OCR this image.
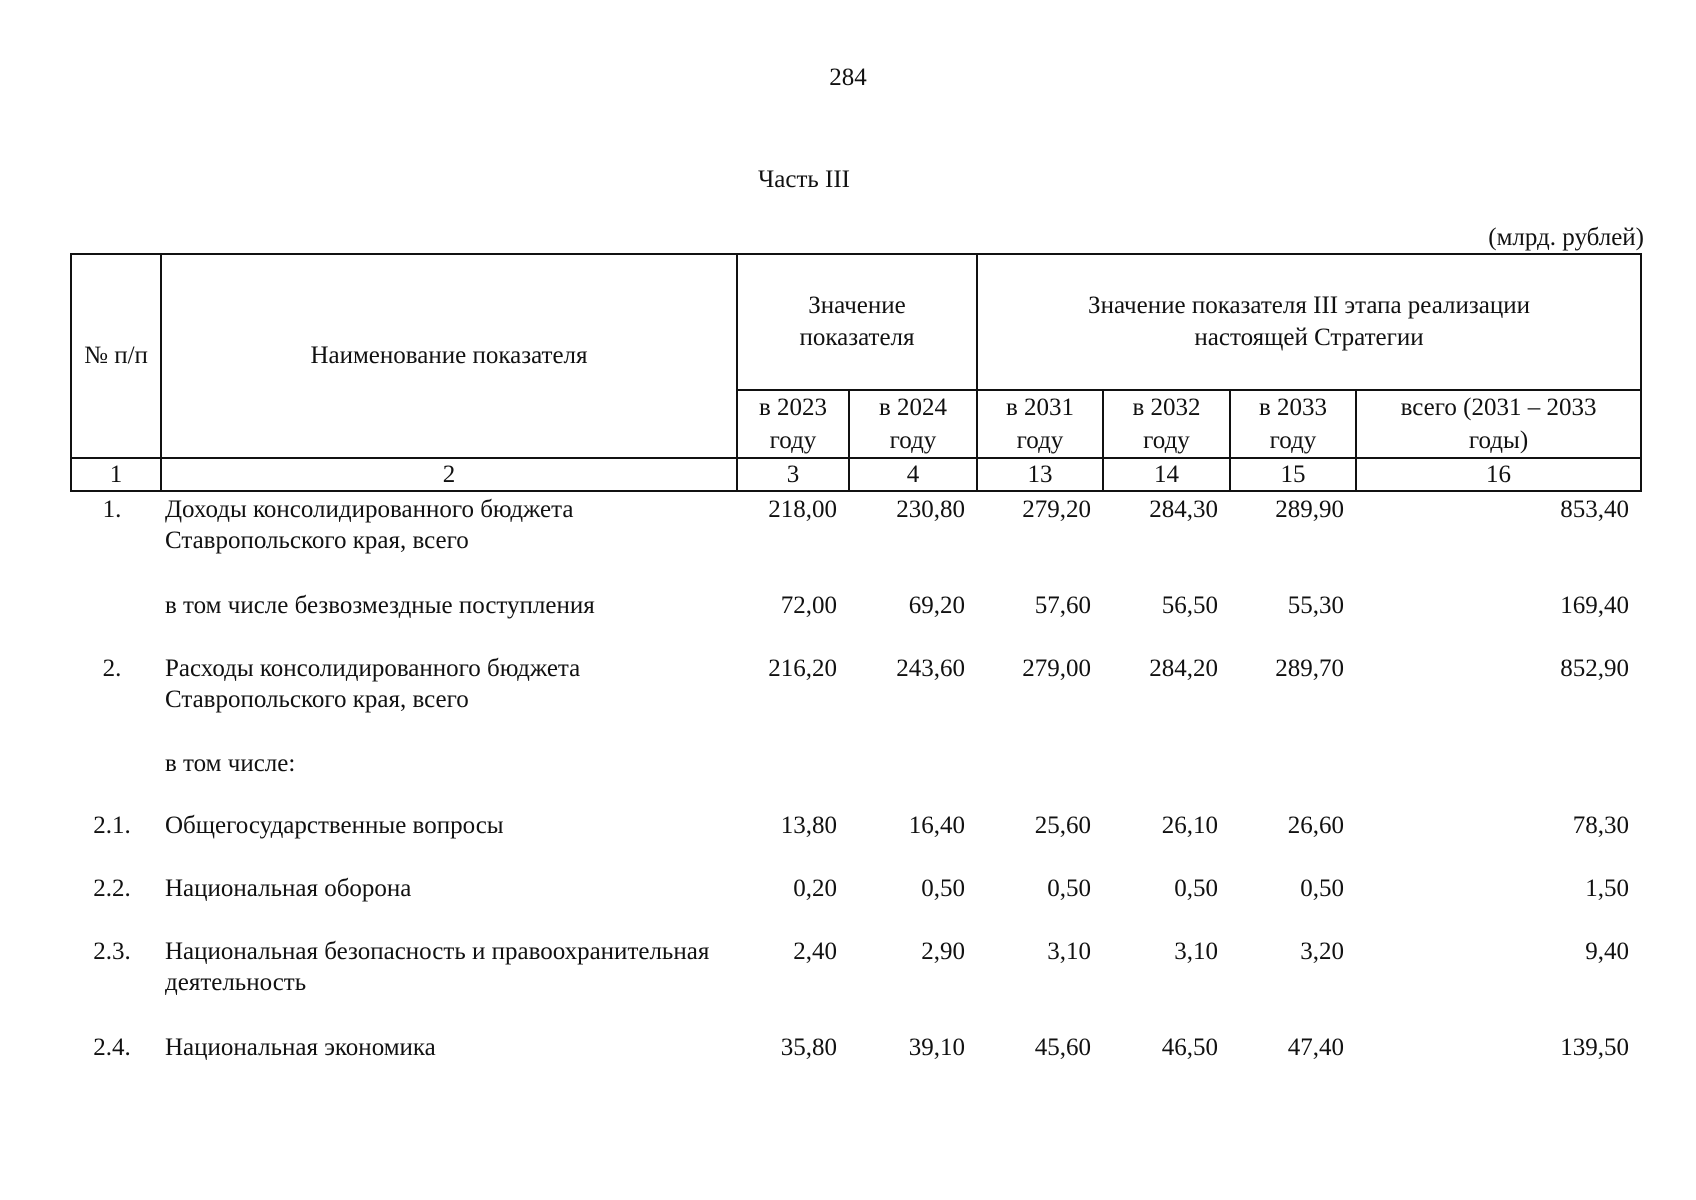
284
Часть III
(млрд. рублей)
№ п/п	Наименование показателя	Значение показателя		Значение показателя III этапа реализации настоящей Стратегии			
		в 2023 году	в 2024 году	в 2031 году	в 2032 году	в 2033 году	всего (2031 – 2033 годы)
1	2	3	4	13	14	15	16
1.	Доходы консолидированного бюджета Ставропольского края, всего	218,00	230,80	279,20	284,30	289,90	853,40
	в том числе безвозмездные поступления	72,00	69,20	57,60	56,50	55,30	169,40
2.	Расходы консолидированного бюджета Ставропольского края, всего	216,20	243,60	279,00	284,20	289,70	852,90
	в том числе:						
2.1.	Общегосударственные вопросы	13,80	16,40	25,60	26,10	26,60	78,30
2.2.	Национальная оборона	0,20	0,50	0,50	0,50	0,50	1,50
2.3.	Национальная безопасность и правоохранительная деятельность	2,40	2,90	3,10	3,10	3,20	9,40
2.4.	Национальная экономика	35,80	39,10	45,60	46,50	47,40	139,50
